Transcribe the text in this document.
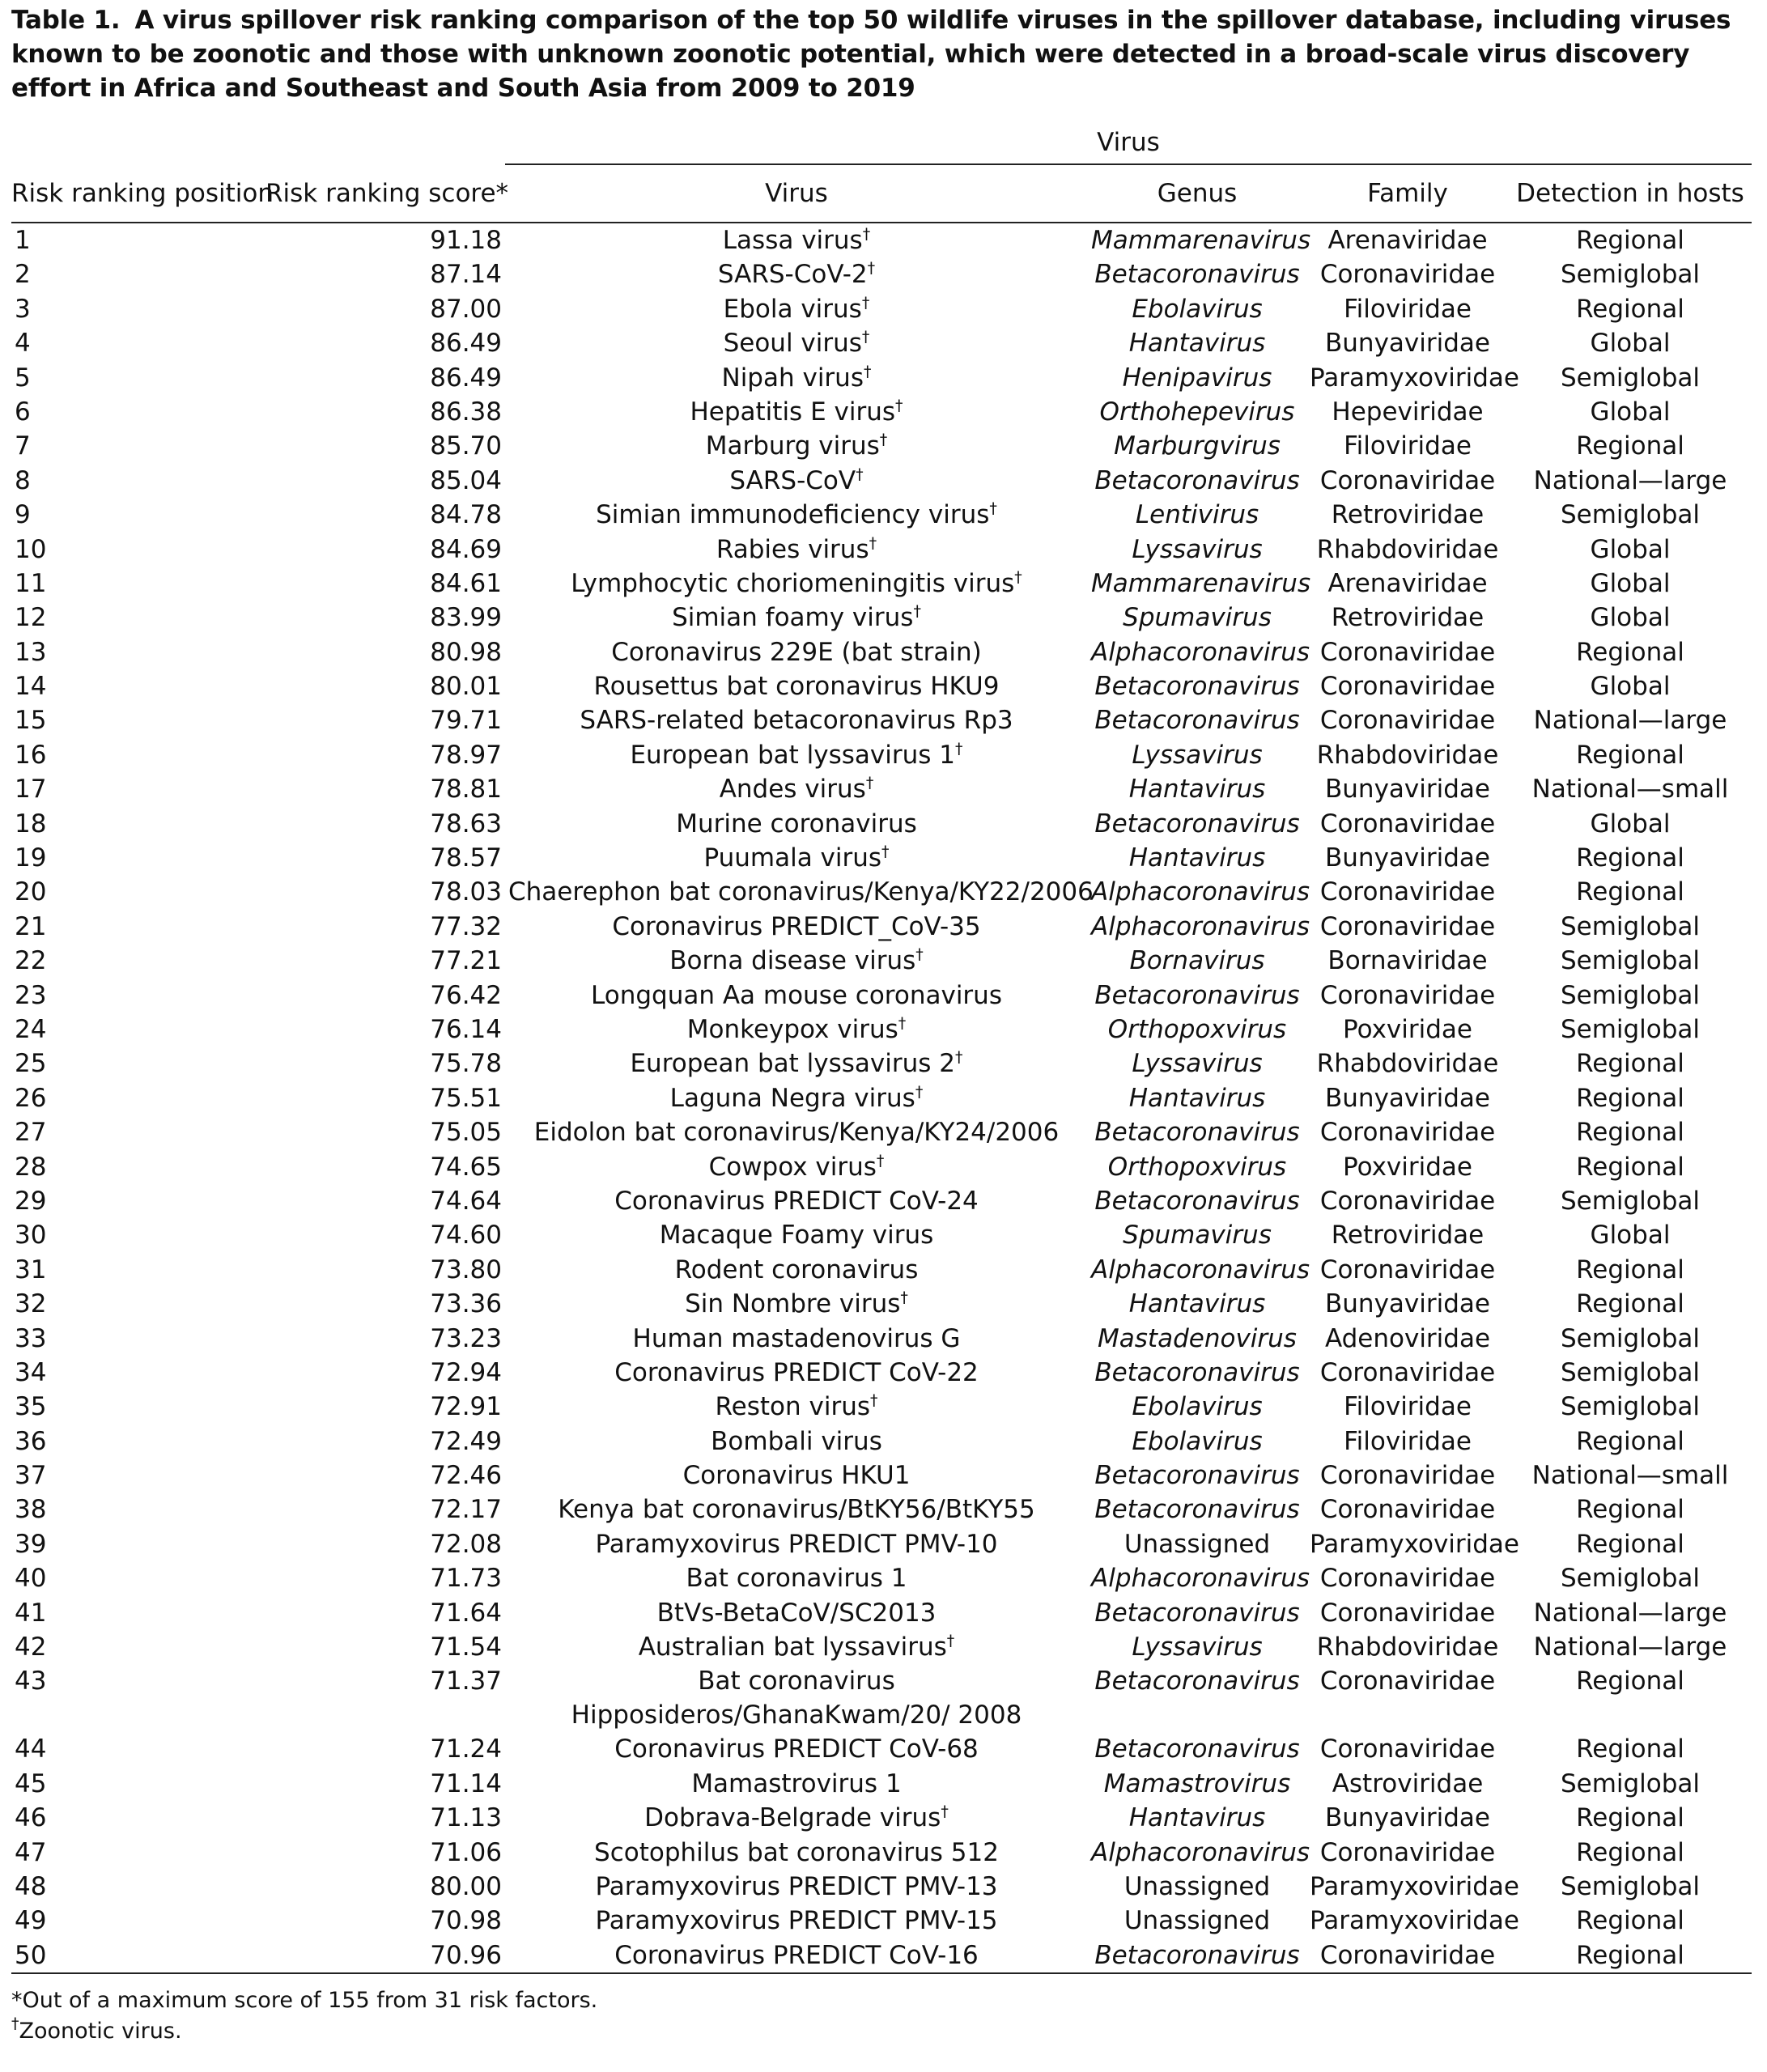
Table 1. A virus spillover risk ranking comparison of the top 50 wildlife viruses in the spillover database, including viruses known to be zoonotic and those with unknown zoonotic potential, which were detected in a broad-scale virus discovery effort in Africa and Southeast and South Asia from 2009 to 2019

		Virus			
Risk ranking position	Risk ranking score*	Virus	Genus	Family	Detection in hosts
1	91.18	Lassa virus†	Mammarenavirus	Arenaviridae	Regional
2	87.14	SARS-CoV-2†	Betacoronavirus	Coronaviridae	Semiglobal
3	87.00	Ebola virus†	Ebolavirus	Filoviridae	Regional
4	86.49	Seoul virus†	Hantavirus	Bunyaviridae	Global
5	86.49	Nipah virus†	Henipavirus	Paramyxoviridae	Semiglobal
6	86.38	Hepatitis E virus†	Orthohepevirus	Hepeviridae	Global
7	85.70	Marburg virus†	Marburgvirus	Filoviridae	Regional
8	85.04	SARS-CoV†	Betacoronavirus	Coronaviridae	National—large
9	84.78	Simian immunodeficiency virus†	Lentivirus	Retroviridae	Semiglobal
10	84.69	Rabies virus†	Lyssavirus	Rhabdoviridae	Global
11	84.61	Lymphocytic choriomeningitis virus†	Mammarenavirus	Arenaviridae	Global
12	83.99	Simian foamy virus†	Spumavirus	Retroviridae	Global
13	80.98	Coronavirus 229E (bat strain)	Alphacoronavirus	Coronaviridae	Regional
14	80.01	Rousettus bat coronavirus HKU9	Betacoronavirus	Coronaviridae	Global
15	79.71	SARS-related betacoronavirus Rp3	Betacoronavirus	Coronaviridae	National—large
16	78.97	European bat lyssavirus 1†	Lyssavirus	Rhabdoviridae	Regional
17	78.81	Andes virus†	Hantavirus	Bunyaviridae	National—small
18	78.63	Murine coronavirus	Betacoronavirus	Coronaviridae	Global
19	78.57	Puumala virus†	Hantavirus	Bunyaviridae	Regional
20	78.03	Chaerephon bat coronavirus/Kenya/KY22/2006	Alphacoronavirus	Coronaviridae	Regional
21	77.32	Coronavirus PREDICT_CoV-35	Alphacoronavirus	Coronaviridae	Semiglobal
22	77.21	Borna disease virus†	Bornavirus	Bornaviridae	Semiglobal
23	76.42	Longquan Aa mouse coronavirus	Betacoronavirus	Coronaviridae	Semiglobal
24	76.14	Monkeypox virus†	Orthopoxvirus	Poxviridae	Semiglobal
25	75.78	European bat lyssavirus 2†	Lyssavirus	Rhabdoviridae	Regional
26	75.51	Laguna Negra virus†	Hantavirus	Bunyaviridae	Regional
27	75.05	Eidolon bat coronavirus/Kenya/KY24/2006	Betacoronavirus	Coronaviridae	Regional
28	74.65	Cowpox virus†	Orthopoxvirus	Poxviridae	Regional
29	74.64	Coronavirus PREDICT CoV-24	Betacoronavirus	Coronaviridae	Semiglobal
30	74.60	Macaque Foamy virus	Spumavirus	Retroviridae	Global
31	73.80	Rodent coronavirus	Alphacoronavirus	Coronaviridae	Regional
32	73.36	Sin Nombre virus†	Hantavirus	Bunyaviridae	Regional
33	73.23	Human mastadenovirus G	Mastadenovirus	Adenoviridae	Semiglobal
34	72.94	Coronavirus PREDICT CoV-22	Betacoronavirus	Coronaviridae	Semiglobal
35	72.91	Reston virus†	Ebolavirus	Filoviridae	Semiglobal
36	72.49	Bombali virus	Ebolavirus	Filoviridae	Regional
37	72.46	Coronavirus HKU1	Betacoronavirus	Coronaviridae	National—small
38	72.17	Kenya bat coronavirus/BtKY56/BtKY55	Betacoronavirus	Coronaviridae	Regional
39	72.08	Paramyxovirus PREDICT PMV-10	Unassigned	Paramyxoviridae	Regional
40	71.73	Bat coronavirus 1	Alphacoronavirus	Coronaviridae	Semiglobal
41	71.64	BtVs-BetaCoV/SC2013	Betacoronavirus	Coronaviridae	National—large
42	71.54	Australian bat lyssavirus†	Lyssavirus	Rhabdoviridae	National—large
43	71.37	Bat coronavirus Hipposideros/GhanaKwam/20/ 2008	Betacoronavirus	Coronaviridae	Regional
44	71.24	Coronavirus PREDICT CoV-68	Betacoronavirus	Coronaviridae	Regional
45	71.14	Mamastrovirus 1	Mamastrovirus	Astroviridae	Semiglobal
46	71.13	Dobrava-Belgrade virus†	Hantavirus	Bunyaviridae	Regional
47	71.06	Scotophilus bat coronavirus 512	Alphacoronavirus	Coronaviridae	Regional
48	80.00	Paramyxovirus PREDICT PMV-13	Unassigned	Paramyxoviridae	Semiglobal
49	70.98	Paramyxovirus PREDICT PMV-15	Unassigned	Paramyxoviridae	Regional
50	70.96	Coronavirus PREDICT CoV-16	Betacoronavirus	Coronaviridae	Regional

*Out of a maximum score of 155 from 31 risk factors.

†Zoonotic virus.
